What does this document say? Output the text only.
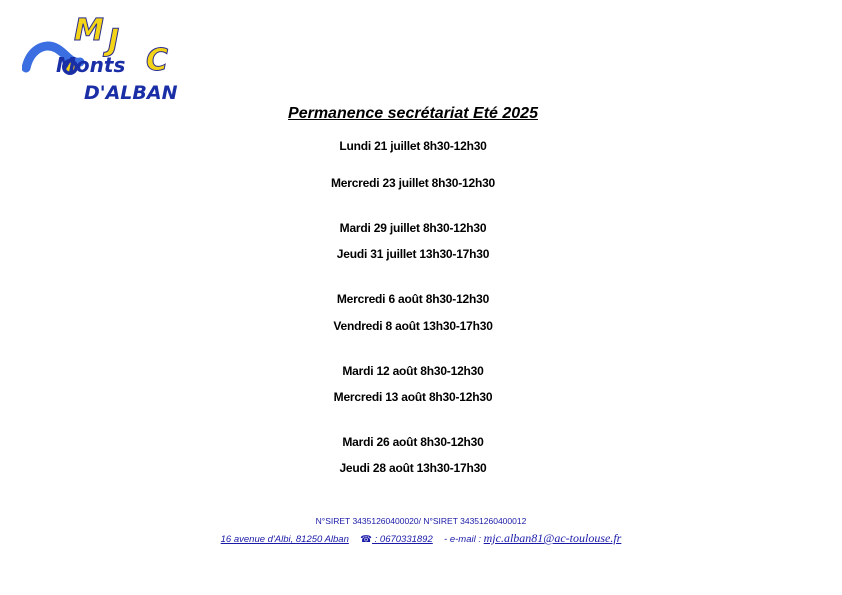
Monts
M J
C
D'ALBAN
Permanence secrétariat Eté 2025
Lundi 21 juillet 8h30-12h30
Mercredi 23 juillet 8h30-12h30
Mardi 29 juillet 8h30-12h30
Jeudi 31 juillet 13h30-17h30
Mercredi 6 août 8h30-12h30
Vendredi 8 août 13h30-17h30
Mardi 12 août 8h30-12h30
Mercredi 13 août 8h30-12h30
Mardi 26 août 8h30-12h30
Jeudi 28 août 13h30-17h30
N°SIRET 34351260400020/ N°SIRET 34351260400012
16 avenue d'Albi, 81250 Alban ☎ : 0670331892  - e-mail : mjc.alban81@ac-toulouse.fr
